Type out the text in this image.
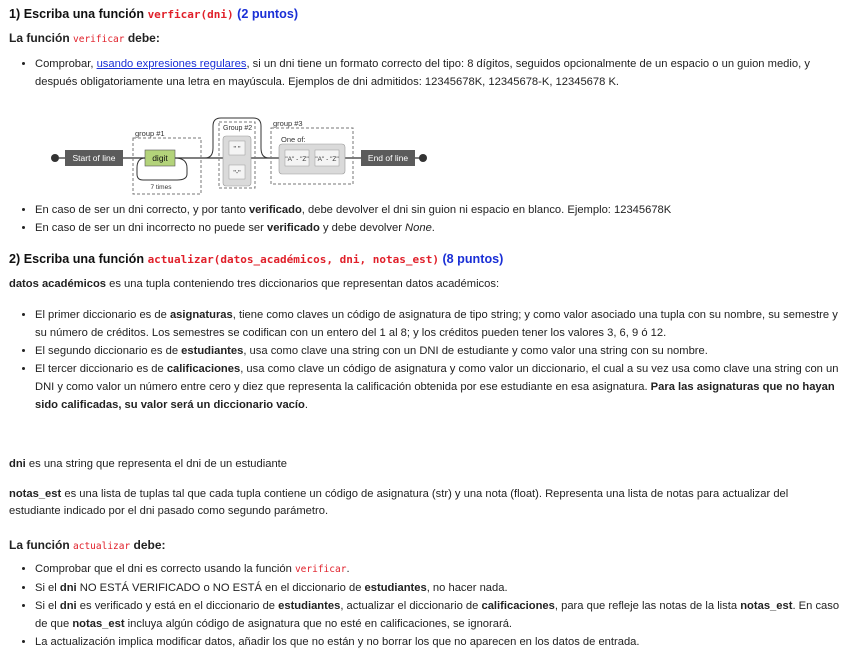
1) Escriba una función verficar(dni) (2 puntos)

La función verificar debe:

• Comprobar, usando expresiones regulares, si un dni tiene un formato correcto del tipo: 8 dígitos, seguidos opcionalmente de un espacio o un guion medio, y después obligatoriamente una letra en mayúscula. Ejemplos de dni admitidos: 12345678K, 12345678-K, 12345678 K.
Start of line
group #1
digit
7 times
Group #2
" "
"-"
group #3
One of:
"A" - "Z" "A" - "Z"	End of line
• En caso de ser un dni correcto, y por tanto verificado, debe devolver el dni sin guion ni espacio en blanco. Ejemplo: 12345678K
• En caso de ser un dni incorrecto no puede ser verificado y debe devolver None.
2) Escriba una función actualizar(datos_académicos, dni, notas_est) (8 puntos)

datos académicos es una tupla conteniendo tres diccionarios que representan datos académicos:

• El primer diccionario es de asignaturas, tiene como claves un código de asignatura de tipo string; y como valor asociado una tupla con su nombre, su semestre y su número de créditos. Los semestres se codifican con un entero del 1 al 8; y los créditos pueden tener los valores 3, 6, 9 ó 12.
• El segundo diccionario es de estudiantes, usa como clave una string con un DNI de estudiante y como valor una string con su nombre.
• El tercer diccionario es de calificaciones, usa como clave un código de asignatura y como valor un diccionario, el cual a su vez usa como clave una string con un DNI y como valor un número entre cero y diez que representa la calificación obtenida por ese estudiante en esa asignatura. Para las asignaturas que no hayan sido calificadas, su valor será un diccionario vacío.

dni es una string que representa el dni de un estudiante

notas_est es una lista de tuplas tal que cada tupla contiene un código de asignatura (str) y una nota (float). Representa una lista de notas para actualizar del estudiante indicado por el dni pasado como segundo parámetro.

La función actualizar debe:

• Comprobar que el dni es correcto usando la función verificar.
• Si el dni NO ESTÁ VERIFICADO o NO ESTÁ en el diccionario de estudiantes, no hacer nada.
• Si el dni es verificado y está en el diccionario de estudiantes, actualizar el diccionario de calificaciones, para que refleje las notas de la lista notas_est. En caso de que notas_est incluya algún código de asignatura que no esté en calificaciones, se ignorará.
• La actualización implica modificar datos, añadir los que no están y no borrar los que no aparecen en los datos de entrada.
